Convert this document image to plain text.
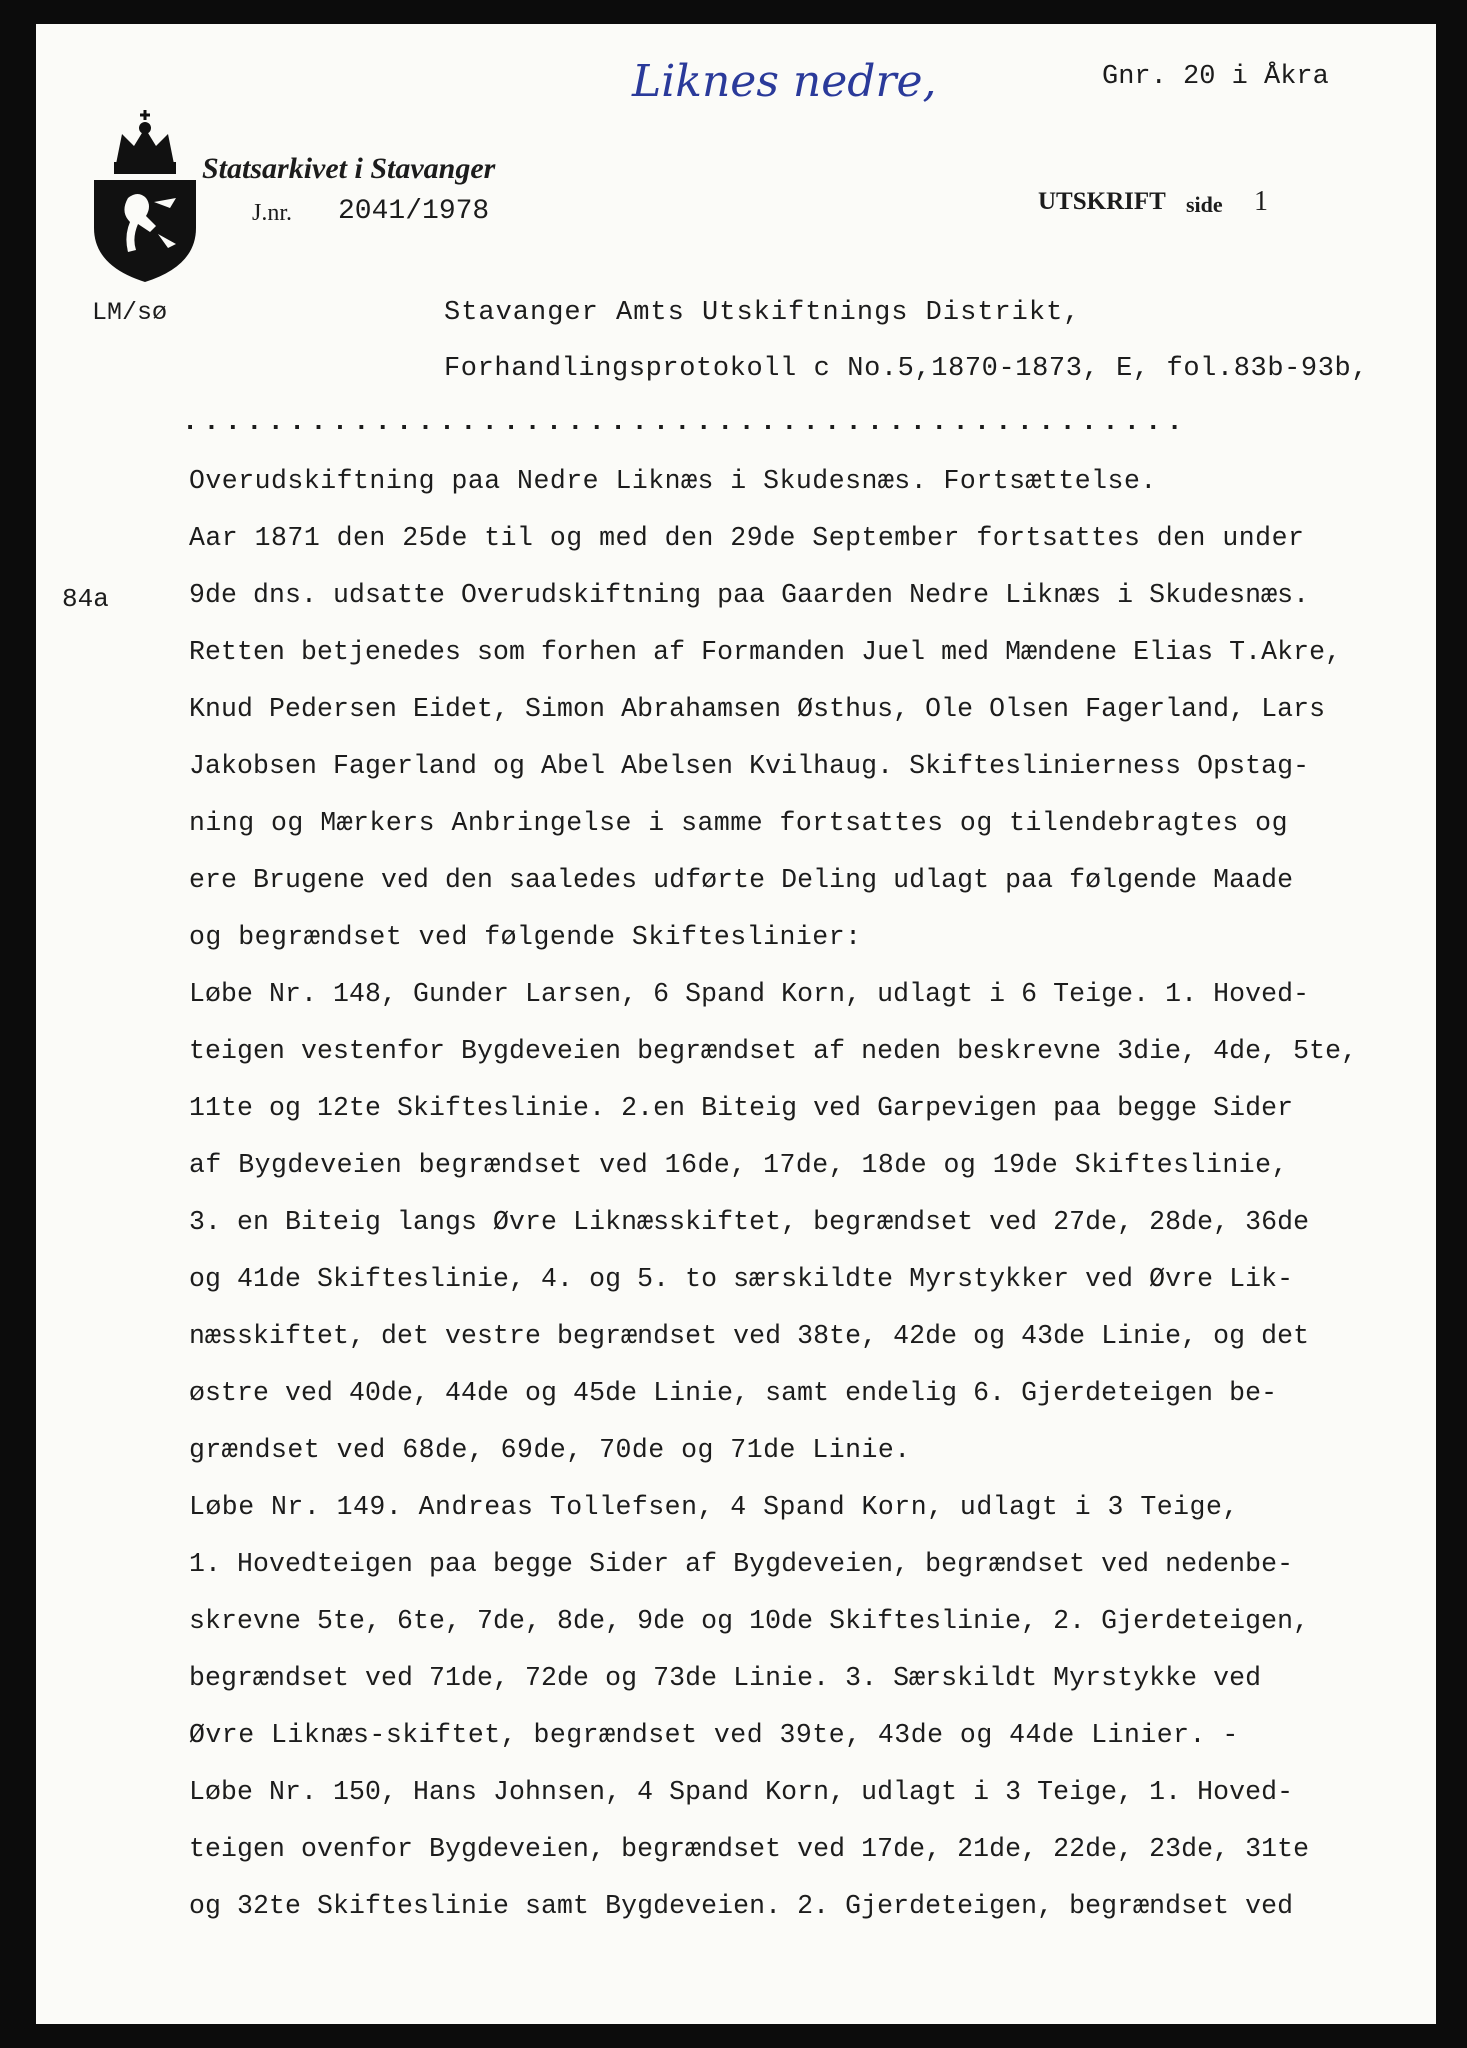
Liknes nedre,	Gnr. 20 i Åkra
Statsarkivet i Stavanger
J.nr. 2041/1978	UTSKRIFT side 1
LM/sø	Stavanger Amts Utskiftnings Distrikt,
Forhandlingsprotokoll c No.5,1870-1873, E, fol.83b-93b,
...............................................
84a
Overudskiftning paa Nedre Liknæs i Skudesnæs. Fortsættelse.
Aar 1871 den 25de til og med den 29de September fortsattes den under
9de dns. udsatte Overudskiftning paa Gaarden Nedre Liknæs i Skudesnæs.
Retten betjenedes som forhen af Formanden Juel med Mændene Elias T.Akre,
Knud Pedersen Eidet, Simon Abrahamsen Østhus, Ole Olsen Fagerland, Lars
Jakobsen Fagerland og Abel Abelsen Kvilhaug. Skifteslinierness Opstag-
ning og Mærkers Anbringelse i samme fortsattes og tilendebragtes og
ere Brugene ved den saaledes udførte Deling udlagt paa følgende Maade
og begrændset ved følgende Skifteslinier:
Løbe Nr. 148, Gunder Larsen, 6 Spand Korn, udlagt i 6 Teige. 1. Hoved-
teigen vestenfor Bygdeveien begrændset af neden beskrevne 3die, 4de, 5te,
11te og 12te Skifteslinie. 2.en Biteig ved Garpevigen paa begge Sider
af Bygdeveien begrændset ved 16de, 17de, 18de og 19de Skifteslinie,
3. en Biteig langs Øvre Liknæsskiftet, begrændset ved 27de, 28de, 36de
og 41de Skifteslinie, 4. og 5. to særskildte Myrstykker ved Øvre Lik-
næsskiftet, det vestre begrændset ved 38te, 42de og 43de Linie, og det
østre ved 40de, 44de og 45de Linie, samt endelig 6. Gjerdeteigen be-
grændset ved 68de, 69de, 70de og 71de Linie.
Løbe Nr. 149. Andreas Tollefsen, 4 Spand Korn, udlagt i 3 Teige,
1. Hovedteigen paa begge Sider af Bygdeveien, begrændset ved nedenbe-
skrevne 5te, 6te, 7de, 8de, 9de og 10de Skifteslinie, 2. Gjerdeteigen,
begrændset ved 71de, 72de og 73de Linie. 3. Særskildt Myrstykke ved
Øvre Liknæs-skiftet, begrændset ved 39te, 43de og 44de Linier. -
Løbe Nr. 150, Hans Johnsen, 4 Spand Korn, udlagt i 3 Teige, 1. Hoved-
teigen ovenfor Bygdeveien, begrændset ved 17de, 21de, 22de, 23de, 31te
og 32te Skifteslinie samt Bygdeveien. 2. Gjerdeteigen, begrændset ved
